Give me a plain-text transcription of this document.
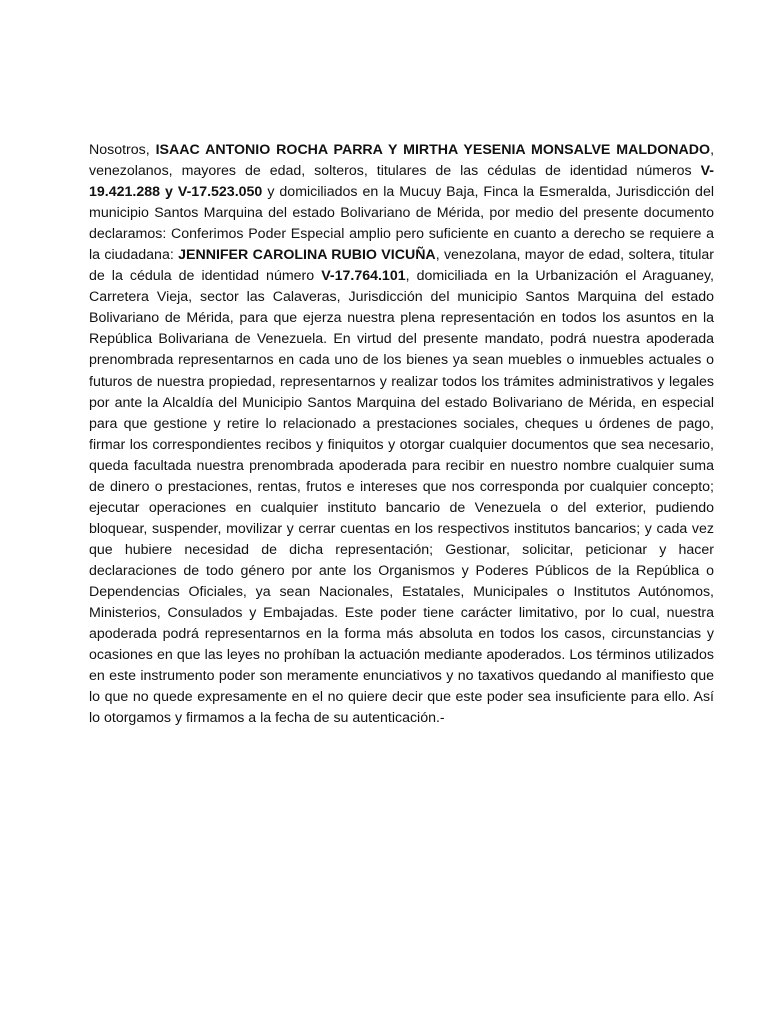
Nosotros, ISAAC ANTONIO ROCHA PARRA Y MIRTHA YESENIA MONSALVE MALDONADO, venezolanos, mayores de edad, solteros, titulares de las cédulas de identidad números V-19.421.288 y V-17.523.050 y domiciliados en la Mucuy Baja, Finca la Esmeralda, Jurisdicción del municipio Santos Marquina del estado Bolivariano de Mérida, por medio del presente documento declaramos: Conferimos Poder Especial amplio pero suficiente en cuanto a derecho se requiere a la ciudadana: JENNIFER CAROLINA RUBIO VICUÑA, venezolana, mayor de edad, soltera, titular de la cédula de identidad número V-17.764.101, domiciliada en la Urbanización el Araguaney, Carretera Vieja, sector las Calaveras, Jurisdicción del municipio Santos Marquina del estado Bolivariano de Mérida, para que ejerza nuestra plena representación en todos los asuntos en la República Bolivariana de Venezuela. En virtud del presente mandato, podrá nuestra apoderada prenombrada representarnos en cada uno de los bienes ya sean muebles o inmuebles actuales o futuros de nuestra propiedad, representarnos y realizar todos los trámites administrativos y legales por ante la Alcaldía del Municipio Santos Marquina del estado Bolivariano de Mérida, en especial para que gestione y retire lo relacionado a prestaciones sociales, cheques u órdenes de pago, firmar los correspondientes recibos y finiquitos y otorgar cualquier documentos que sea necesario, queda facultada nuestra prenombrada apoderada para recibir en nuestro nombre cualquier suma de dinero o prestaciones, rentas, frutos e intereses que nos corresponda por cualquier concepto; ejecutar operaciones en cualquier instituto bancario de Venezuela o del exterior, pudiendo bloquear, suspender, movilizar y cerrar cuentas en los respectivos institutos bancarios; y cada vez que hubiere necesidad de dicha representación; Gestionar, solicitar, peticionar y hacer declaraciones de todo género por ante los Organismos y Poderes Públicos de la República o Dependencias Oficiales, ya sean Nacionales, Estatales, Municipales o Institutos Autónomos, Ministerios, Consulados y Embajadas. Este poder tiene carácter limitativo, por lo cual, nuestra apoderada podrá representarnos en la forma más absoluta en todos los casos, circunstancias y ocasiones en que las leyes no prohíban la actuación mediante apoderados. Los términos utilizados en este instrumento poder son meramente enunciativos y no taxativos quedando al manifiesto que lo que no quede expresamente en el no quiere decir que este poder sea insuficiente para ello. Así lo otorgamos y firmamos a la fecha de su autenticación.-
